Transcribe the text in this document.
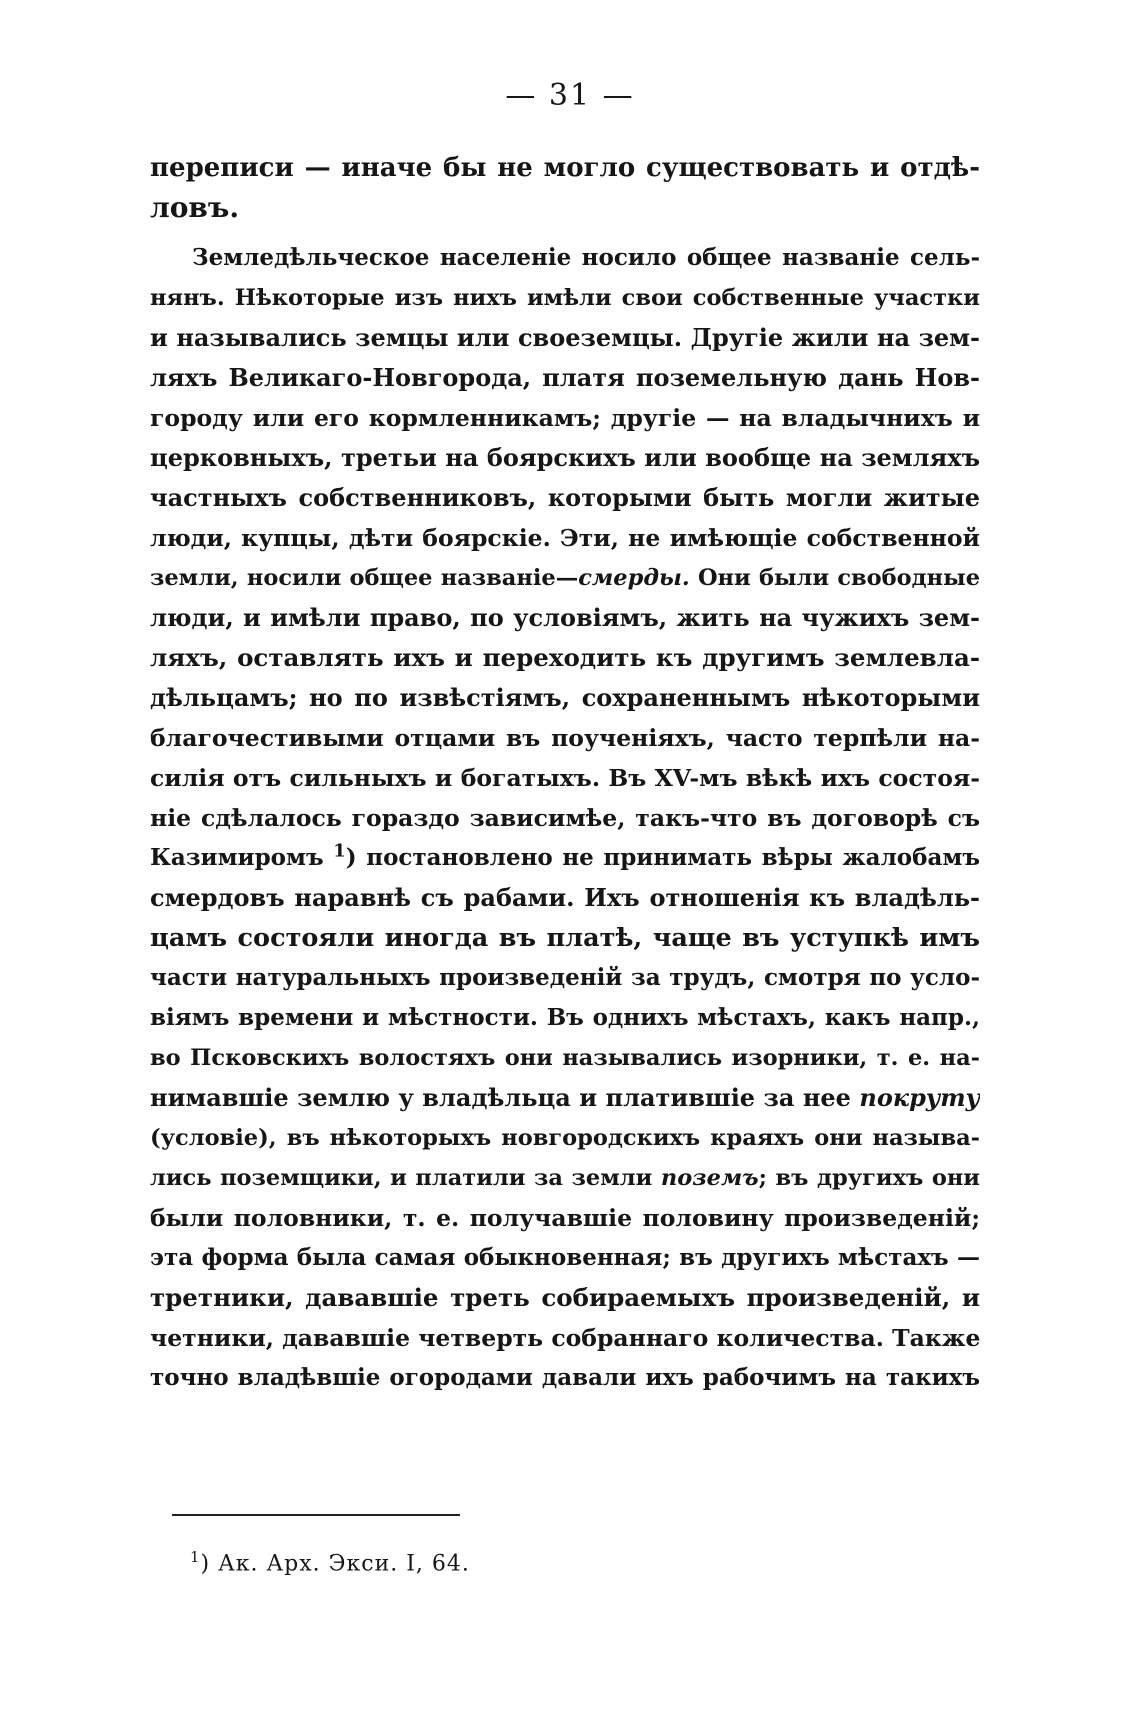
— 31 —
переписи — иначе бы не могло существовать и отдѣ-
ловъ.
Земледѣльческое населеніе носило общее названіе сель-
нянъ. Нѣкоторые изъ нихъ имѣли свои собственные участки
и назывались земцы или своеземцы. Другіе жили на зем-
ляхъ Великаго-Новгорода, платя поземельную дань Нов-
городу или его кормленникамъ; другіе — на владычнихъ и
церковныхъ, третьи на боярскихъ или вообще на земляхъ
частныхъ собственниковъ, которыми быть могли житые
люди, купцы, дѣти боярскіе. Эти, не имѣющіе собственной
земли, носили общее названіе—смерды. Они были свободные
люди, и имѣли право, по условіямъ, жить на чужихъ зем-
ляхъ, оставлять ихъ и переходить къ другимъ землевла-
дѣльцамъ; но по извѣстіямъ, сохраненнымъ нѣкоторыми
благочестивыми отцами въ поученіяхъ, часто терпѣли на-
силія отъ сильныхъ и богатыхъ. Въ XV-мъ вѣкѣ ихъ состоя-
ніе сдѣлалось гораздо зависимѣе, такъ-что въ договорѣ съ
Казимиромъ $^1$) постановлено не принимать вѣры жалобамъ
смердовъ наравнѣ съ рабами. Ихъ отношенія къ владѣль-
цамъ состояли иногда въ платѣ, чаще въ уступкѣ имъ
части натуральныхъ произведеній за трудъ, смотря по усло-
віямъ времени и мѣстности. Въ однихъ мѣстахъ, какъ напр.,
во Псковскихъ волостяхъ они назывались изорники, т. е. на-
нимавшіе землю у владѣльца и платившіе за нее покруту
(условіе), въ нѣкоторыхъ новгородскихъ краяхъ они называ-
лись поземщики, и платили за земли поземъ; въ другихъ они
были половники, т. е. получавшіе половину произведеній;
эта форма была самая обыкновенная; въ другихъ мѣстахъ —
третники, дававшіе треть собираемыхъ произведеній, и
четники, дававшіе четверть собраннаго количества. Также
точно владѣвшіе огородами давали ихъ рабочимъ на такихъ
$^1$) Ак. Арх. Экси. I, 64.
